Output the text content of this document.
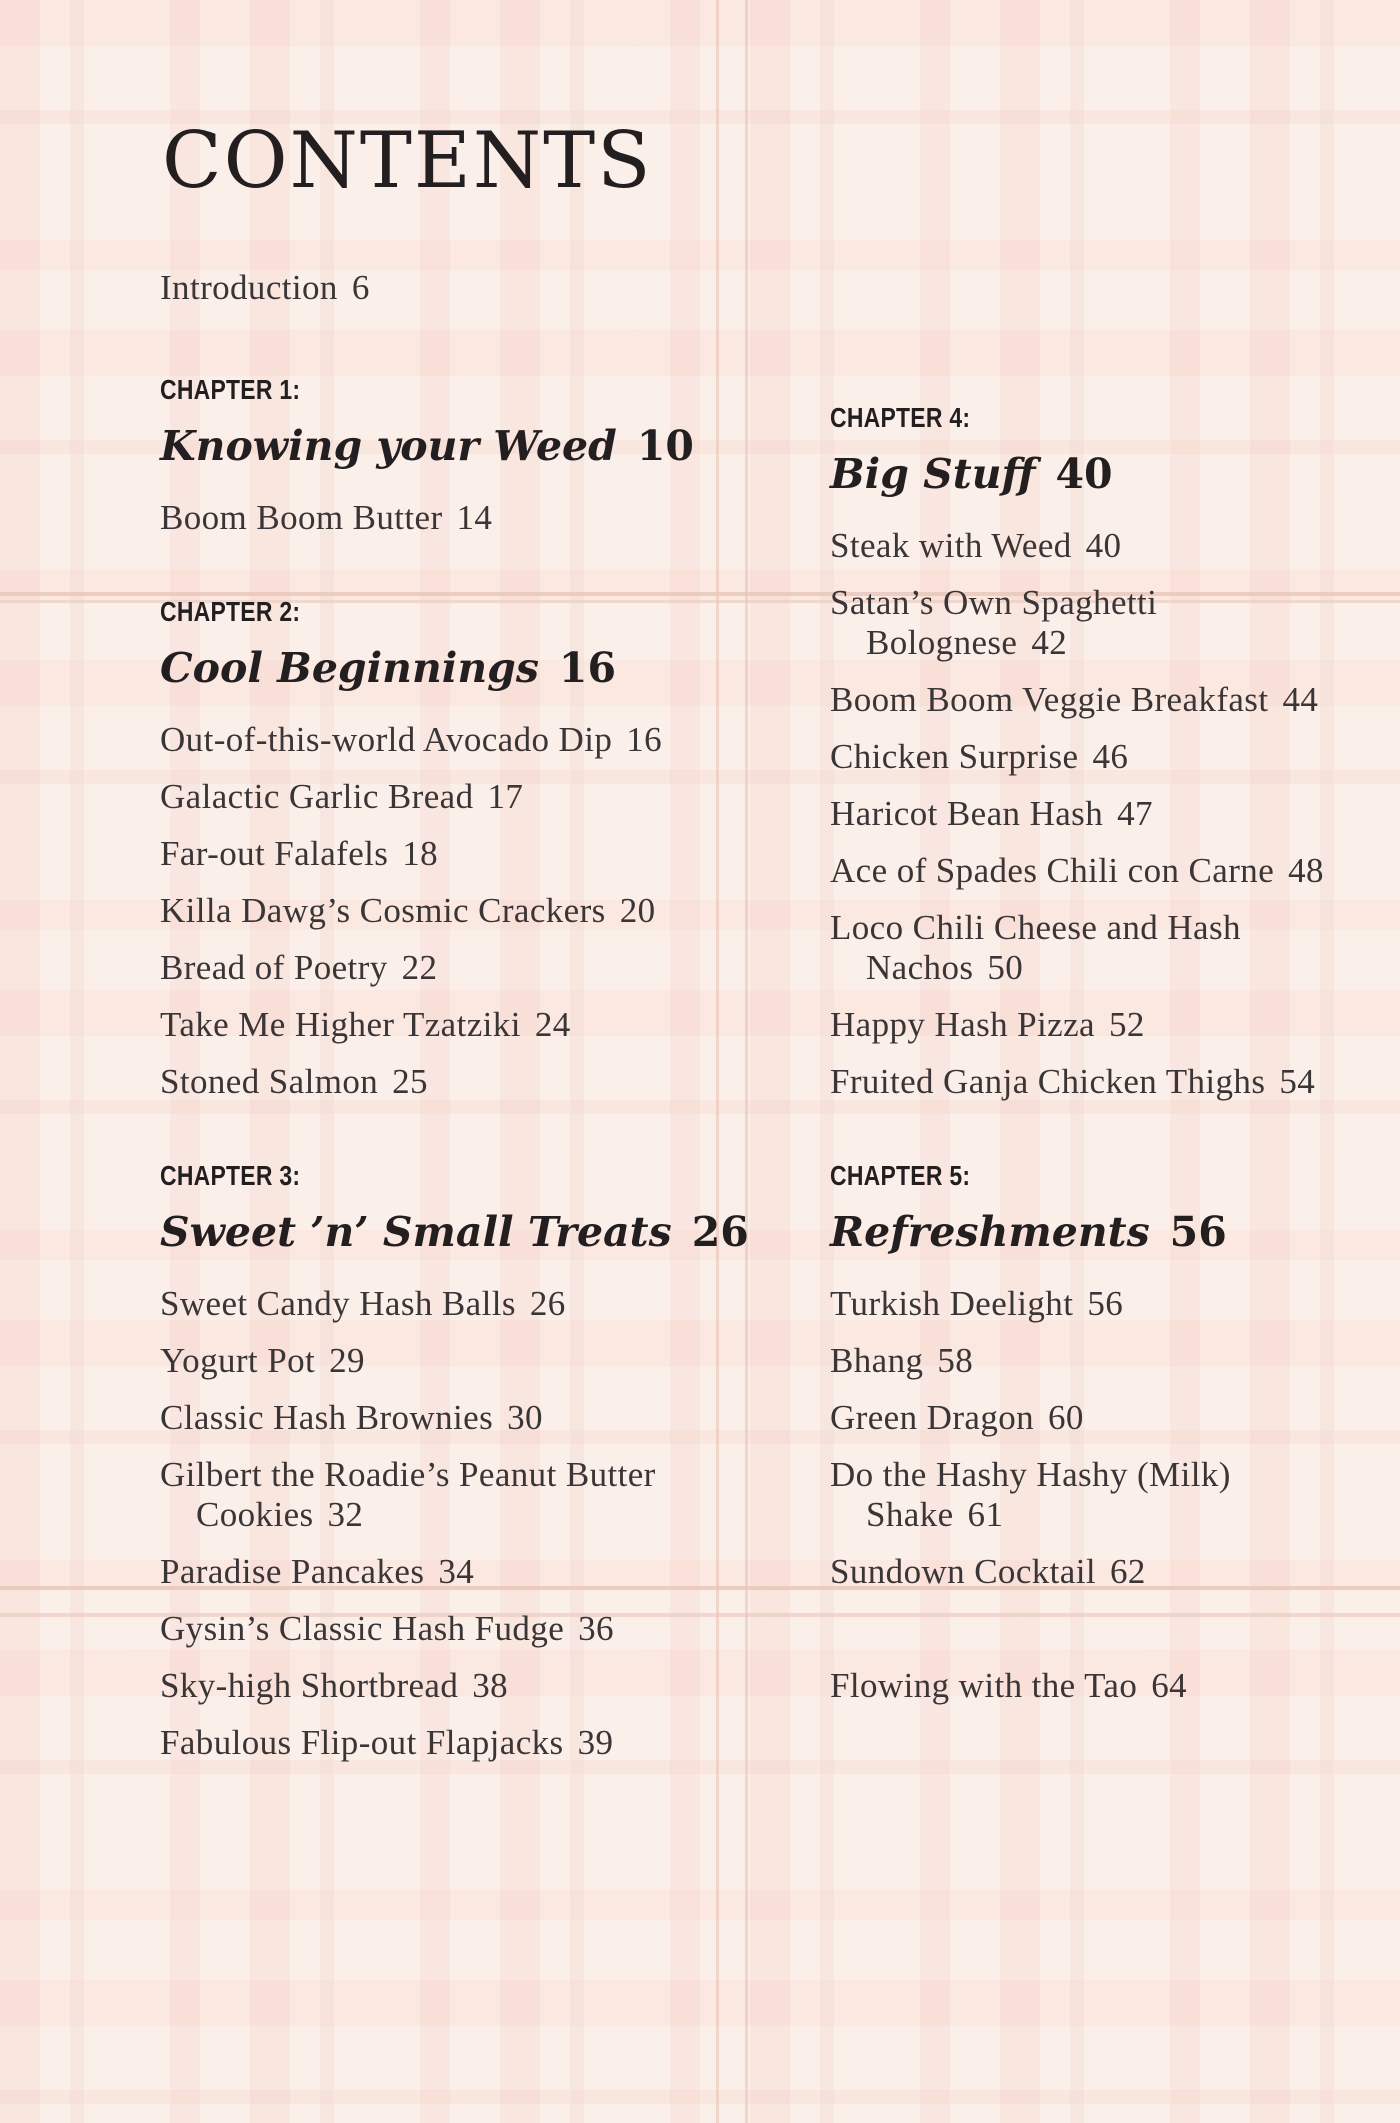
CONTENTS

Introduction 6

CHAPTER 1:
Knowing your Weed 10

Boom Boom Butter 14

CHAPTER 2:
Cool Beginnings 16

Out-of-this-world Avocado Dip 16

Galactic Garlic Bread 17

Far-out Falafels 18

Killa Dawg’s Cosmic Crackers 20

Bread of Poetry 22

Take Me Higher Tzatziki 24

Stoned Salmon 25

CHAPTER 3:
Sweet ’n’ Small Treats 26

Sweet Candy Hash Balls 26

Yogurt Pot 29

Classic Hash Brownies 30

Gilbert the Roadie’s Peanut Butter Cookies 32

Paradise Pancakes 34

Gysin’s Classic Hash Fudge 36

Sky-high Shortbread 38

Fabulous Flip-out Flapjacks 39

CHAPTER 4:
Big Stuff 40

Steak with Weed 40

Satan’s Own Spaghetti Bolognese 42

Boom Boom Veggie Breakfast 44

Chicken Surprise 46

Haricot Bean Hash 47

Ace of Spades Chili con Carne 48

Loco Chili Cheese and Hash Nachos 50

Happy Hash Pizza 52

Fruited Ganja Chicken Thighs 54

CHAPTER 5:
Refreshments 56

Turkish Deelight 56

Bhang 58

Green Dragon 60

Do the Hashy Hashy (Milk) Shake 61

Sundown Cocktail 62

Flowing with the Tao 64
